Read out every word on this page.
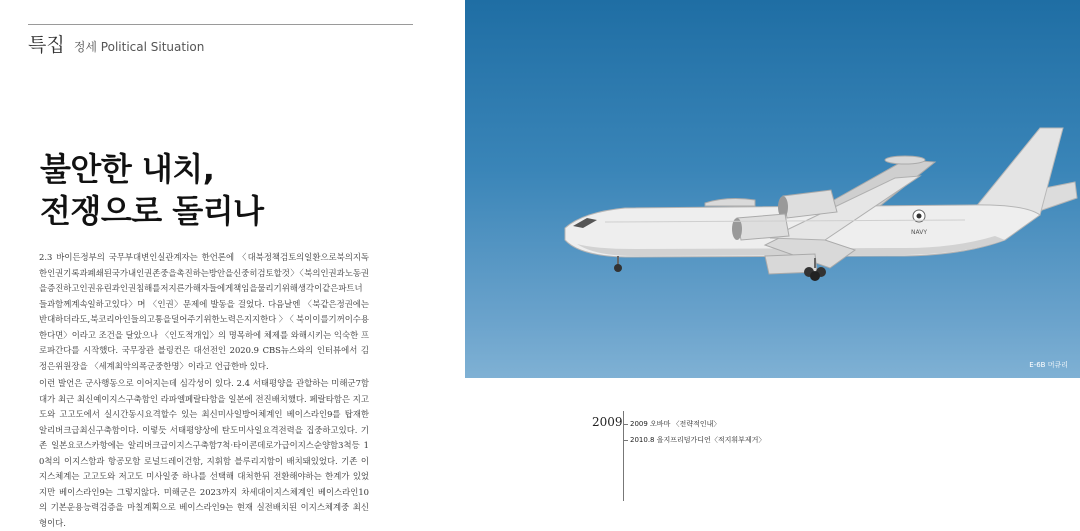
특집 정세 Political Situation
불안한 내치,
전쟁으로 돌리나

2.3 바이든정부의 국무부대변인실관계자는 한언론에 〈대북정책검토의일환으로북의지독한인권기록과폐쇄된국가내인권존중을촉진하는방안을신중히검토할것〉〈북의인권과노동권을증진하고인권유린과인권침해를저지른가해자들에게책임을물리기위해생각이같은파트너들과함께계속일하고있다〉며 〈인권〉문제에 발동을 걸었다. 다음날엔 〈북같은정권에는반대하더라도,북코리아인들의고통을덜어주기위한노력은지지한다〉〈북이이를기꺼이수용한다면〉이라고 조건을 달았으나 〈인도적개입〉의 명목하에 체제를 와해시키는 익숙한 프로파간다를 시작했다. 국무장관 블링컨은 대선전인 2020.9 CBS뉴스와의 인터뷰에서 김정은위원장을 〈세계최악의폭군중한명〉이라고 언급한바 있다.

이런 발언은 군사행동으로 이어지는데 심각성이 있다. 2.4 서태평양을 관할하는 미해군7함대가 최근 최신예이지스구축함인 라파엘페랄타함을 일본에 전진배치했다. 페랄타함은 지고도와 고고도에서 실시간동시요격할수 있는 최신미사일방어체계인 베이스라인9를 탑재한 알리버크급최신구축함이다. 이렇듯 서태평양상에 탄도미사일요격전력을 집중하고있다. 기존 일본요코스카항에는 알리버크급이지스구축함7척·타이콘데로가급이지스순양함3척등 10척의 이지스함과 항공모함 로널드레이건함, 지휘함 블루리지함이 배치돼있었다. 기존 이지스체계는 고고도와 저고도 미사일중 하나를 선택해 대처한뒤 전환해야하는 한계가 있었지만 베이스라인9는 그렇지않다. 미해군은 2023까지 차세대이지스체계인 베이스라인10의 기본운용능력검증을 마칠계획으로 베이스라인9는 현재 실전배치된 이지스체계중 최신형이다.

NAVY
E-6B 머큐리
2009	2009 오바마 〈전략적인내〉
2010.8 을지프리덤가디언〈적지휘부제거〉
